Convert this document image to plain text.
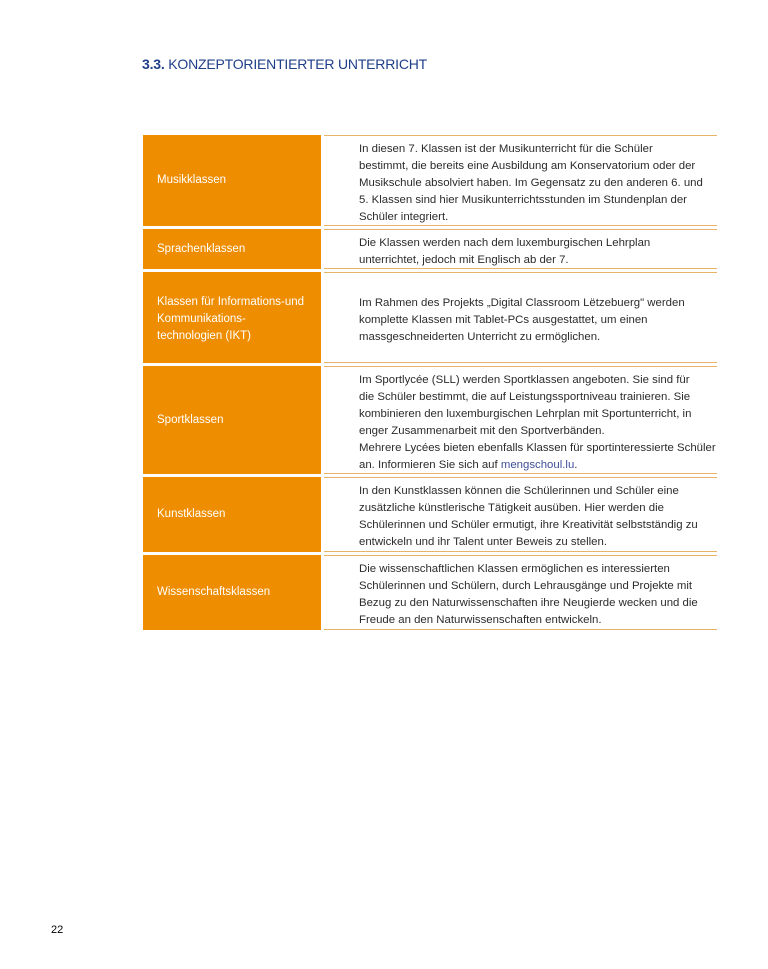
3.3. KONZEPTORIENTIERTER UNTERRICHT
Musikklassen
In diesen 7. Klassen ist der Musikunterricht für die Schüler
bestimmt, die bereits eine Ausbildung am Konservatorium oder der
Musikschule absolviert haben. Im Gegensatz zu den anderen 6. und
5. Klassen sind hier Musikunterrichtsstunden im Stundenplan der
Schüler integriert.
Sprachenklassen	Die Klassen werden nach dem luxemburgischen Lehrplan
unterrichtet, jedoch mit Englisch ab der 7.
Klassen für Informations-und
Kommunikations-
technologien (IKT)
Im Rahmen des Projekts „Digital Classroom Lëtzebuerg" werden
komplette Klassen mit Tablet-PCs ausgestattet, um einen
massgeschneiderten Unterricht zu ermöglichen.
Sportklassen
Im Sportlycée (SLL) werden Sportklassen angeboten. Sie sind für
die Schüler bestimmt, die auf Leistungssportniveau trainieren. Sie
kombinieren den luxemburgischen Lehrplan mit Sportunterricht, in
enger Zusammenarbeit mit den Sportverbänden.
Mehrere Lycées bieten ebenfalls Klassen für sportinteressierte Schüler
an. Informieren Sie sich auf mengschoul.lu.
Kunstklassen
In den Kunstklassen können die Schülerinnen und Schüler eine
zusätzliche künstlerische Tätigkeit ausüben. Hier werden die
Schülerinnen und Schüler ermutigt, ihre Kreativität selbstständig zu
entwickeln und ihr Talent unter Beweis zu stellen.
Wissenschaftsklassen
Die wissenschaftlichen Klassen ermöglichen es interessierten
Schülerinnen und Schülern, durch Lehrausgänge und Projekte mit
Bezug zu den Naturwissenschaften ihre Neugierde wecken und die
Freude an den Naturwissenschaften entwickeln.
22
